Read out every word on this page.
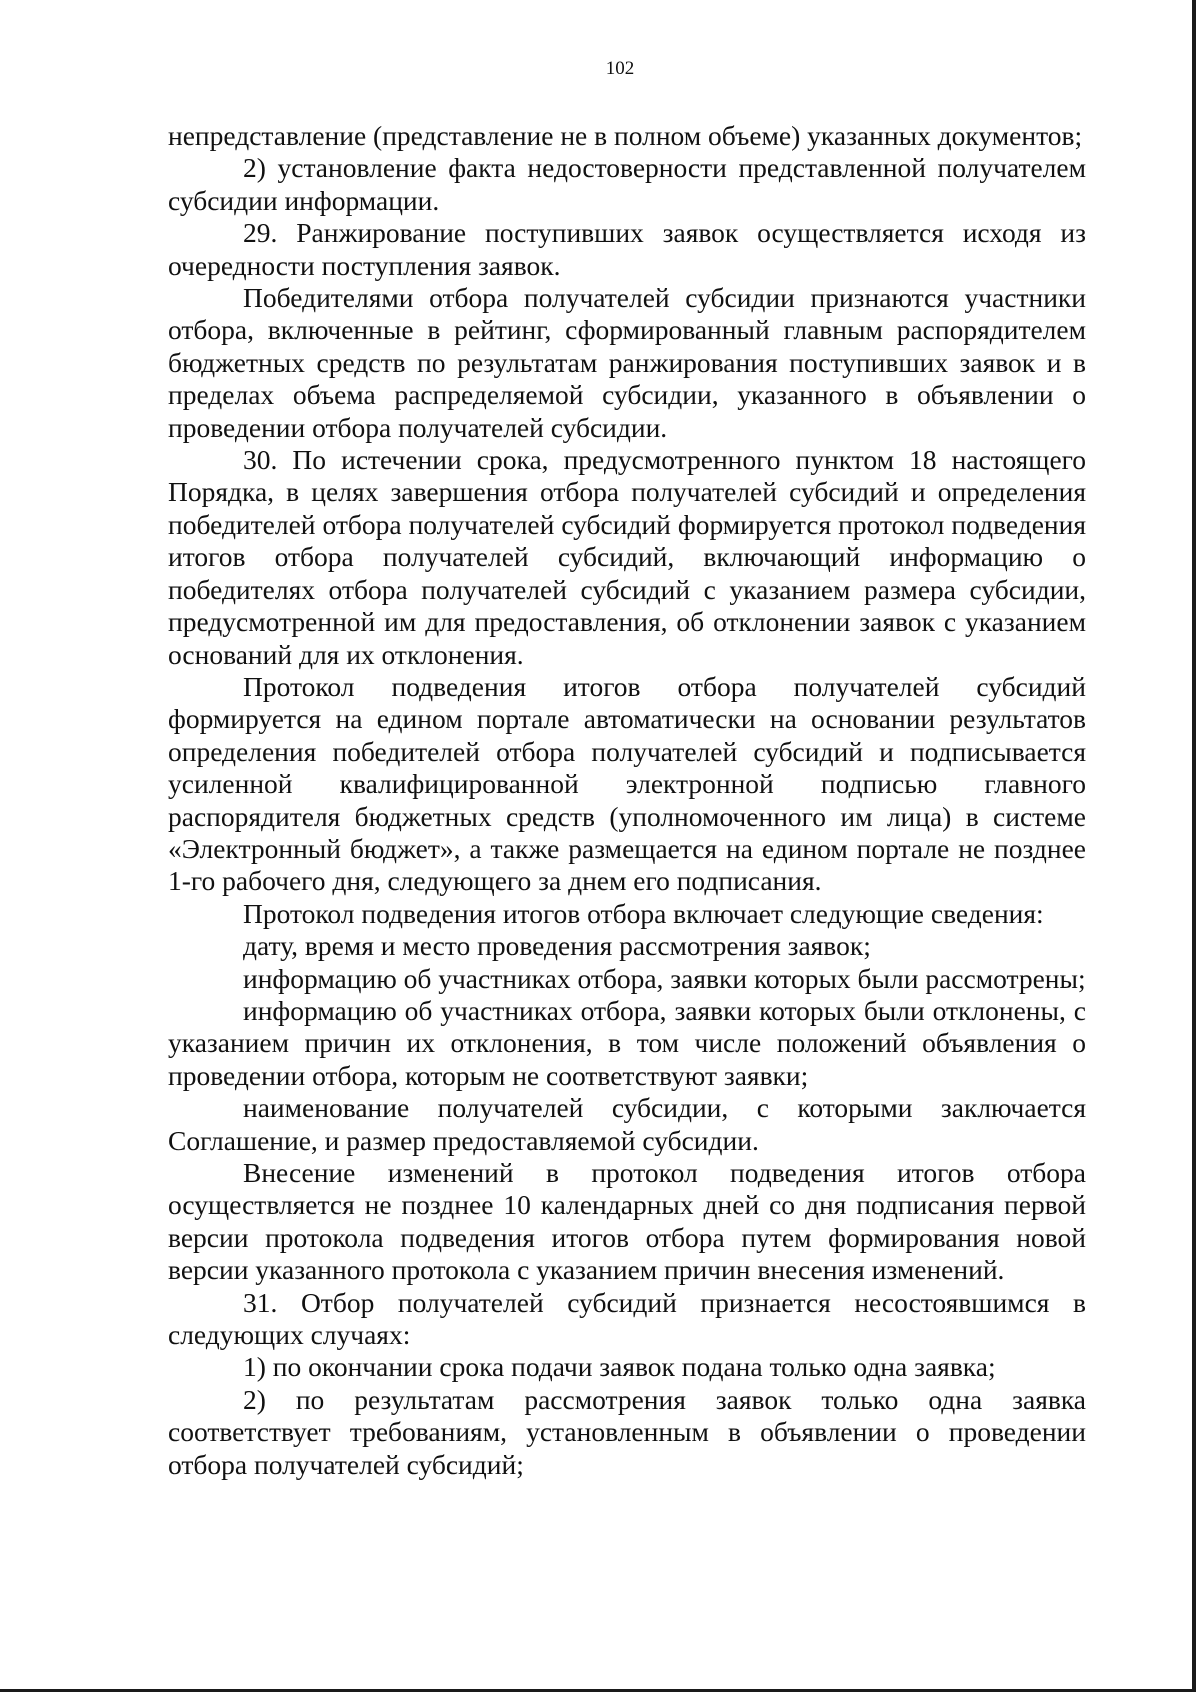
102

непредставление (представление не в полном объеме) указанных документов;

2) установление факта недостоверности представленной получателем субсидии информации.

29. Ранжирование поступивших заявок осуществляется исходя из очередности поступления заявок.

Победителями отбора получателей субсидии признаются участники отбора, включенные в рейтинг, сформированный главным распорядителем бюджетных средств по результатам ранжирования поступивших заявок и в пределах объема распределяемой субсидии, указанного в объявлении о проведении отбора получателей субсидии.

30. По истечении срока, предусмотренного пунктом 18 настоящего Порядка, в целях завершения отбора получателей субсидий и определения победителей отбора получателей субсидий формируется протокол подведения итогов отбора получателей субсидий, включающий информацию о победителях отбора получателей субсидий с указанием размера субсидии, предусмотренной им для предоставления, об отклонении заявок с указанием оснований для их отклонения.

Протокол подведения итогов отбора получателей субсидий формируется на едином портале автоматически на основании результатов определения победителей отбора получателей субсидий и подписывается усиленной квалифицированной электронной подписью главного распорядителя бюджетных средств (уполномоченного им лица) в системе «Электронный бюджет», а также размещается на едином портале не позднее 1-го рабочего дня, следующего за днем его подписания.

Протокол подведения итогов отбора включает следующие сведения:

дату, время и место проведения рассмотрения заявок;

информацию об участниках отбора, заявки которых были рассмотрены;

информацию об участниках отбора, заявки которых были отклонены, с указанием причин их отклонения, в том числе положений объявления о проведении отбора, которым не соответствуют заявки;

наименование получателей субсидии, с которыми заключается Соглашение, и размер предоставляемой субсидии.

Внесение изменений в протокол подведения итогов отбора осуществляется не позднее 10 календарных дней со дня подписания первой версии протокола подведения итогов отбора путем формирования новой версии указанного протокола с указанием причин внесения изменений.

31. Отбор получателей субсидий признается несостоявшимся в следующих случаях:

1) по окончании срока подачи заявок подана только одна заявка;

2) по результатам рассмотрения заявок только одна заявка соответствует требованиям, установленным в объявлении о проведении отбора получателей субсидий;
